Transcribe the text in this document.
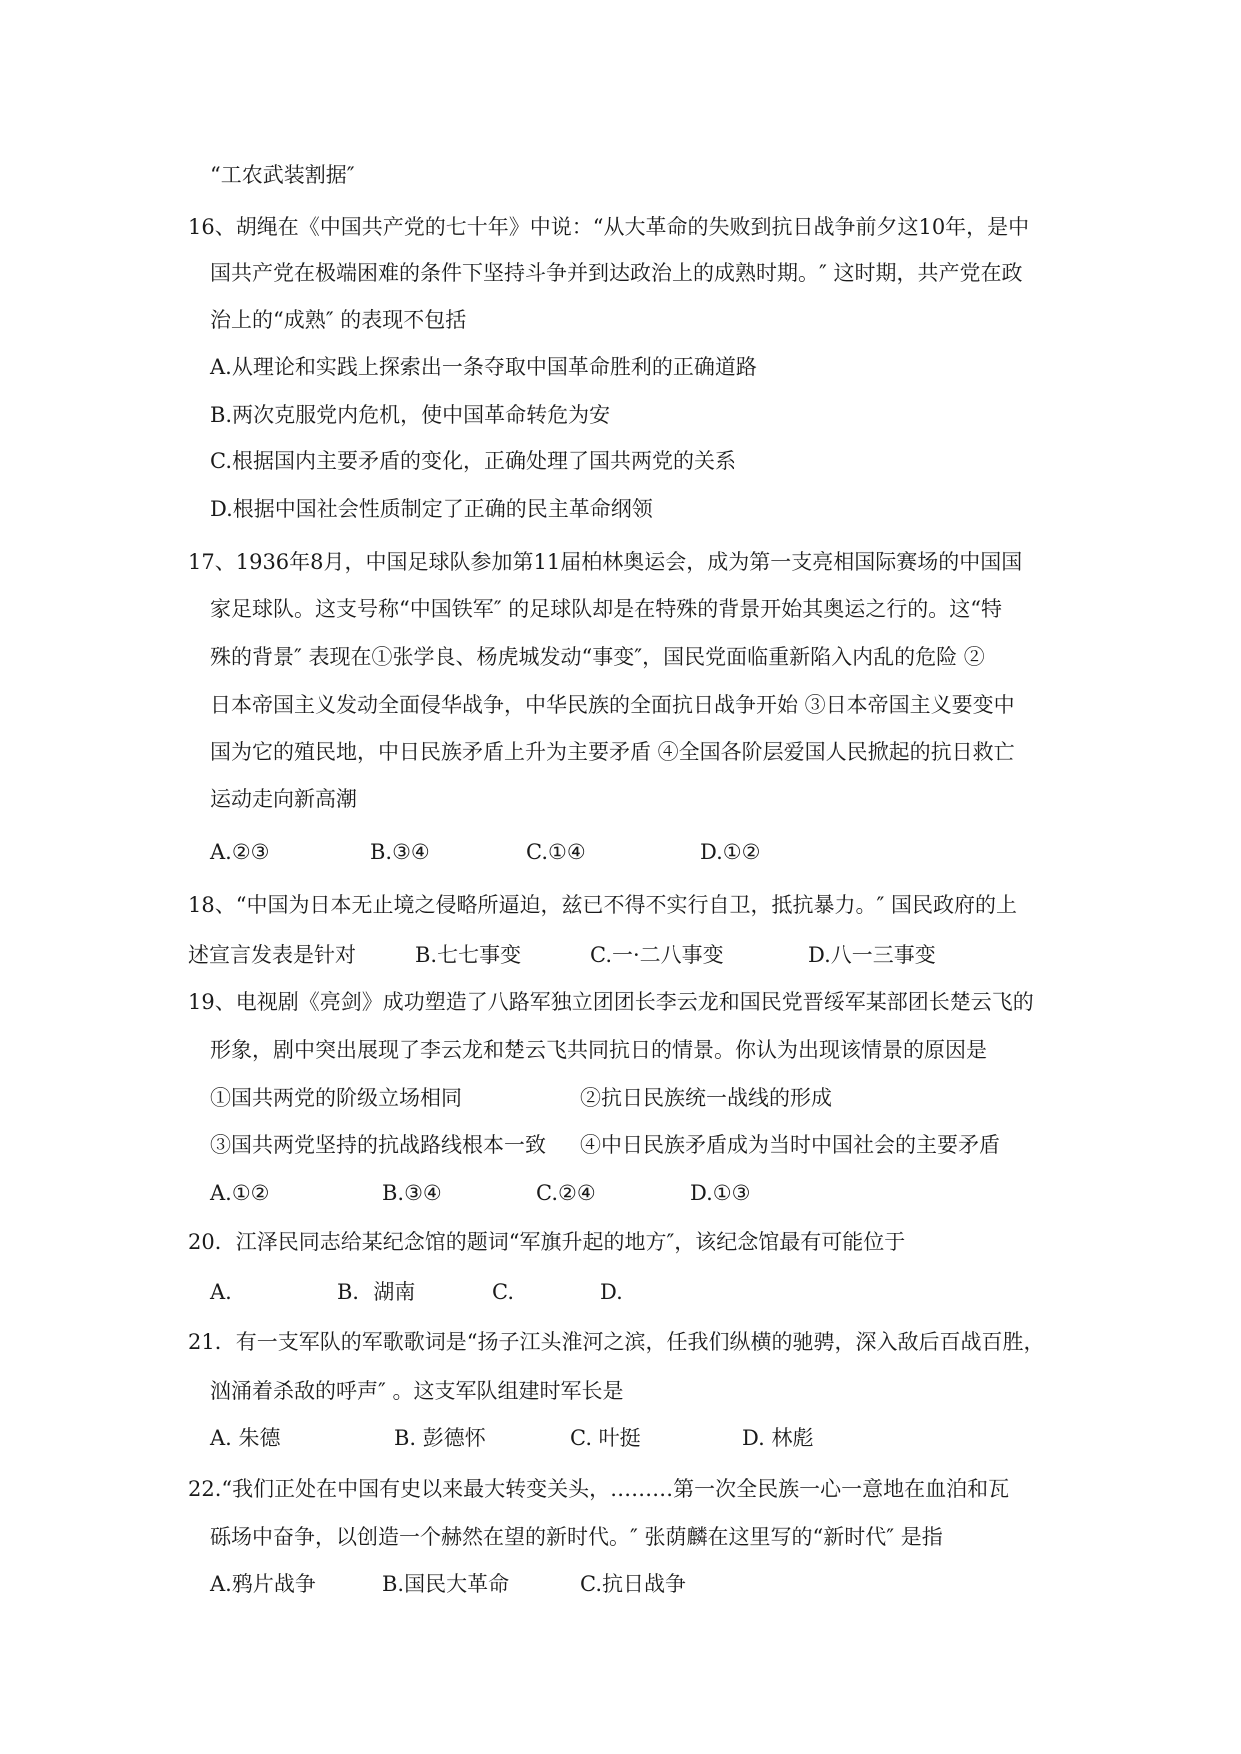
“工农武装割据″

16、胡绳在《中国共产党的七十年》中说：“从大革命的失败到抗日战争前夕这10年，是中

国共产党在极端困难的条件下坚持斗争并到达政治上的成熟时期。″ 这时期，共产党在政

治上的“成熟″ 的表现不包括

A.从理论和实践上探索出一条夺取中国革命胜利的正确道路

B.两次克服党内危机，使中国革命转危为安

C.根据国内主要矛盾的变化，正确处理了国共两党的关系

D.根据中国社会性质制定了正确的民主革命纲领

17、1936年8月，中国足球队参加第11届柏林奥运会，成为第一支亮相国际赛场的中国国

家足球队。这支号称“中国铁军″ 的足球队却是在特殊的背景开始其奥运之行的。这“特

殊的背景″ 表现在①张学良、杨虎城发动“事变″，国民党面临重新陷入内乱的危险 ②

日本帝国主义发动全面侵华战争，中华民族的全面抗日战争开始 ③日本帝国主义要变中

国为它的殖民地，中日民族矛盾上升为主要矛盾 ④全国各阶层爱国人民掀起的抗日救亡

运动走向新高潮

A.②③	B.③④	C.①④	D.①②

18、“中国为日本无止境之侵略所逼迫，兹已不得不实行自卫，抵抗暴力。″ 国民政府的上

述宣言发表是针对	B.七七事变	C.一·二八事变	D.八一三事变

19、电视剧《亮剑》成功塑造了八路军独立团团长李云龙和国民党晋绥军某部团长楚云飞的

形象，剧中突出展现了李云龙和楚云飞共同抗日的情景。你认为出现该情景的原因是

①国共两党的阶级立场相同	②抗日民族统一战线的形成
③国共两党坚持的抗战路线根本一致 ④中日民族矛盾成为当时中国社会的主要矛盾
A.①②	B.③④	C.②④	D.①③

20．江泽民同志给某纪念馆的题词“军旗升起的地方″，该纪念馆最有可能位于

A.	B．湖南	C.	D.

21．有一支军队的军歌歌词是“扬子江头淮河之滨，任我们纵横的驰骋，深入敌后百战百胜，

汹涌着杀敌的呼声″ 。这支军队组建时军长是

A. 朱德	B. 彭德怀	C. 叶挺	D. 林彪

22.“我们正处在中国有史以来最大转变关头，………第一次全民族一心一意地在血泊和瓦

砾场中奋争，以创造一个赫然在望的新时代。″ 张荫麟在这里写的“新时代″ 是指

A.鸦片战争	B.国民大革命	C.抗日战争
